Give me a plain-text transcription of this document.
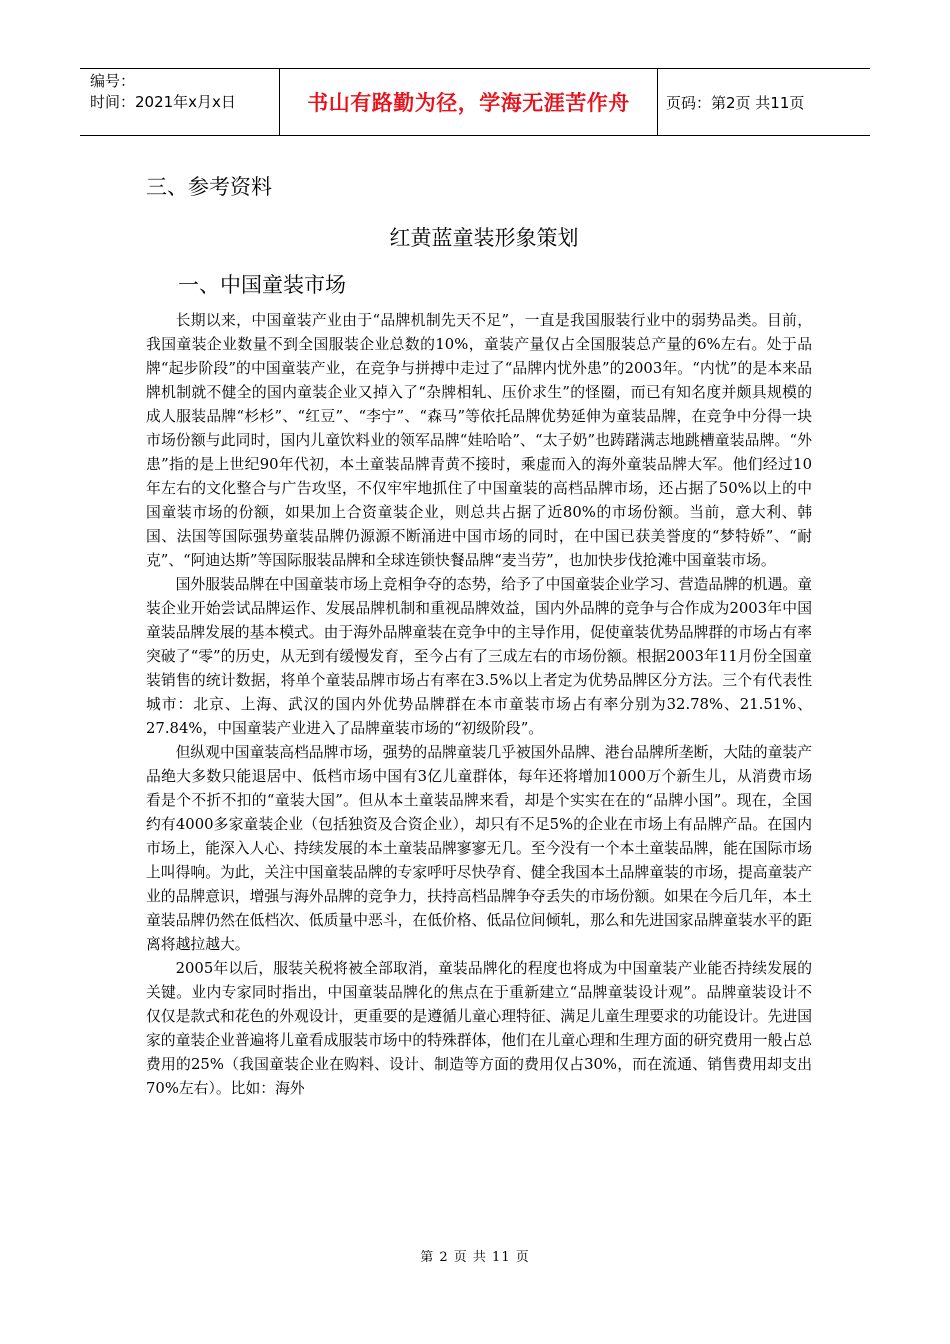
编号：
时间：2021年x月x日	书山有路勤为径，学海无涯苦作舟	页码：第2页 共11页
三、参考资料
红黄蓝童装形象策划
一、中国童装市场

长期以来，中国童装产业由于“品牌机制先天不足”，一直是我国服装行业中的弱势品类。目前，我国童装企业数量不到全国服装企业总数的10%，童装产量仅占全国服装总产量的6%左右。处于品牌“起步阶段”的中国童装产业，在竞争与拼搏中走过了“品牌内忧外患”的2003年。“内忧”的是本来品牌机制就不健全的国内童装企业又掉入了“杂牌相轧、压价求生”的怪圈，而已有知名度并颇具规模的成人服装品牌“杉杉”、“红豆”、“李宁”、“森马”等依托品牌优势延伸为童装品牌，在竞争中分得一块市场份额与此同时，国内儿童饮料业的领军品牌“娃哈哈”、“太子奶”也踌躇满志地跳槽童装品牌。“外患”指的是上世纪90年代初，本土童装品牌青黄不接时，乘虚而入的海外童装品牌大军。他们经过10年左右的文化整合与广告攻坚，不仅牢牢地抓住了中国童装的高档品牌市场，还占据了50%以上的中国童装市场的份额，如果加上合资童装企业，则总共占据了近80%的市场份额。当前，意大利、韩国、法国等国际强势童装品牌仍源源不断涌进中国市场的同时，在中国已获美誉度的“梦特娇”、“耐克”、“阿迪达斯”等国际服装品牌和全球连锁快餐品牌“麦当劳”，也加快步伐抢滩中国童装市场。

国外服装品牌在中国童装市场上竞相争夺的态势，给予了中国童装企业学习、营造品牌的机遇。童装企业开始尝试品牌运作、发展品牌机制和重视品牌效益，国内外品牌的竞争与合作成为2003年中国童装品牌发展的基本模式。由于海外品牌童装在竞争中的主导作用，促使童装优势品牌群的市场占有率突破了“零”的历史，从无到有缓慢发育，至今占有了三成左右的市场份额。根据2003年11月份全国童装销售的统计数据，将单个童装品牌市场占有率在3.5%以上者定为优势品牌区分方法。三个有代表性城市：北京、上海、武汉的国内外优势品牌群在本市童装市场占有率分别为32.78%、21.51%、27.84%，中国童装产业进入了品牌童装市场的“初级阶段”。

但纵观中国童装高档品牌市场，强势的品牌童装几乎被国外品牌、港台品牌所垄断，大陆的童装产品绝大多数只能退居中、低档市场中国有3亿儿童群体，每年还将增加1000万个新生儿，从消费市场看是个不折不扣的“童装大国”。但从本土童装品牌来看，却是个实实在在的“品牌小国”。现在，全国约有4000多家童装企业（包括独资及合资企业），却只有不足5%的企业在市场上有品牌产品。在国内市场上，能深入人心、持续发展的本土童装品牌寥寥无几。至今没有一个本土童装品牌，能在国际市场上叫得响。为此，关注中国童装品牌的专家呼吁尽快孕育、健全我国本土品牌童装的市场，提高童装产业的品牌意识，增强与海外品牌的竞争力，扶持高档品牌争夺丢失的市场份额。如果在今后几年，本土童装品牌仍然在低档次、低质量中恶斗，在低价格、低品位间倾轧，那么和先进国家品牌童装水平的距离将越拉越大。

2005年以后，服装关税将被全部取消，童装品牌化的程度也将成为中国童装产业能否持续发展的关键。业内专家同时指出，中国童装品牌化的焦点在于重新建立“品牌童装设计观”。品牌童装设计不仅仅是款式和花色的外观设计，更重要的是遵循儿童心理特征、满足儿童生理要求的功能设计。先进国家的童装企业普遍将儿童看成服装市场中的特殊群体，他们在儿童心理和生理方面的研究费用一般占总费用的25%（我国童装企业在购料、设计、制造等方面的费用仅占30%，而在流通、销售费用却支出70%左右）。比如：海外

第 2 页 共 11 页
